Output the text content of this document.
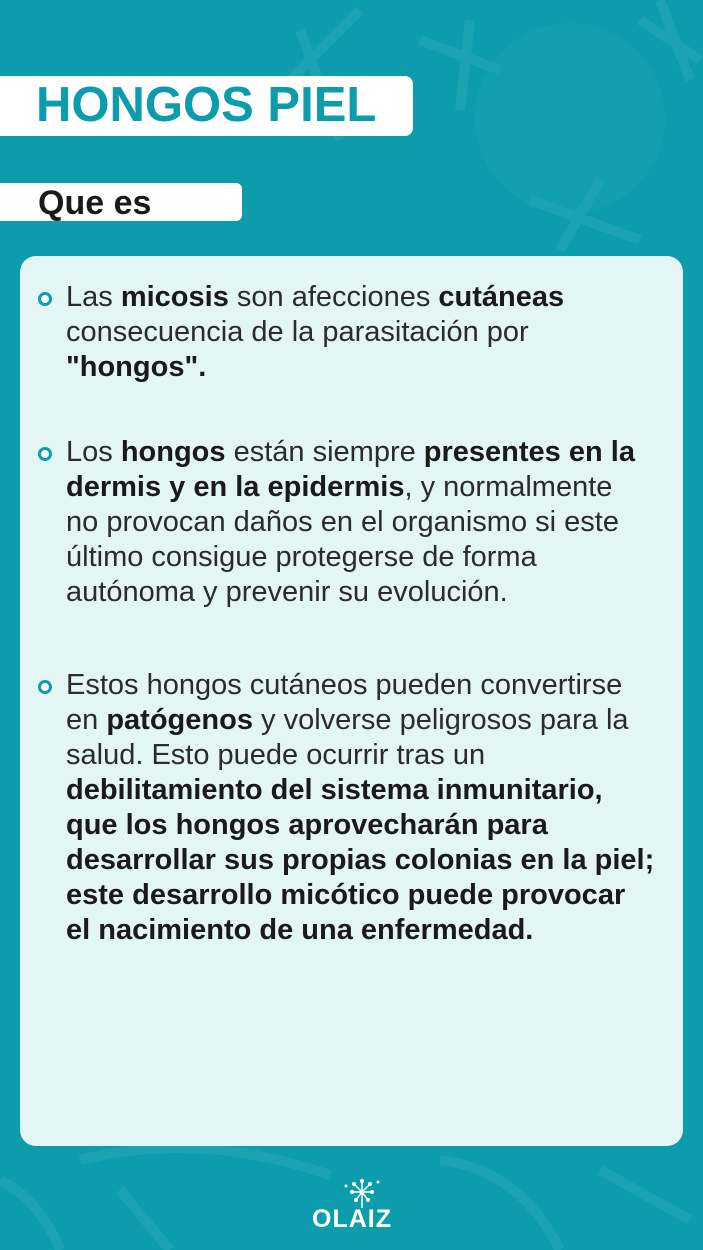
HONGOS PIEL
Que es
Las micosis son afecciones cutáneas
consecuencia de la parasitación por
"hongos".
Los hongos están siempre presentes en la
dermis y en la epidermis, y normalmente
no provocan daños en el organismo si este
último consigue protegerse de forma
autónoma y prevenir su evolución.
Estos hongos cutáneos pueden convertirse
en patógenos y volverse peligrosos para la
salud. Esto puede ocurrir tras un
debilitamiento del sistema inmunitario,
que los hongos aprovecharán para
desarrollar sus propias colonias en la piel;
este desarrollo micótico puede provocar
el nacimiento de una enfermedad.
OLAIZ
